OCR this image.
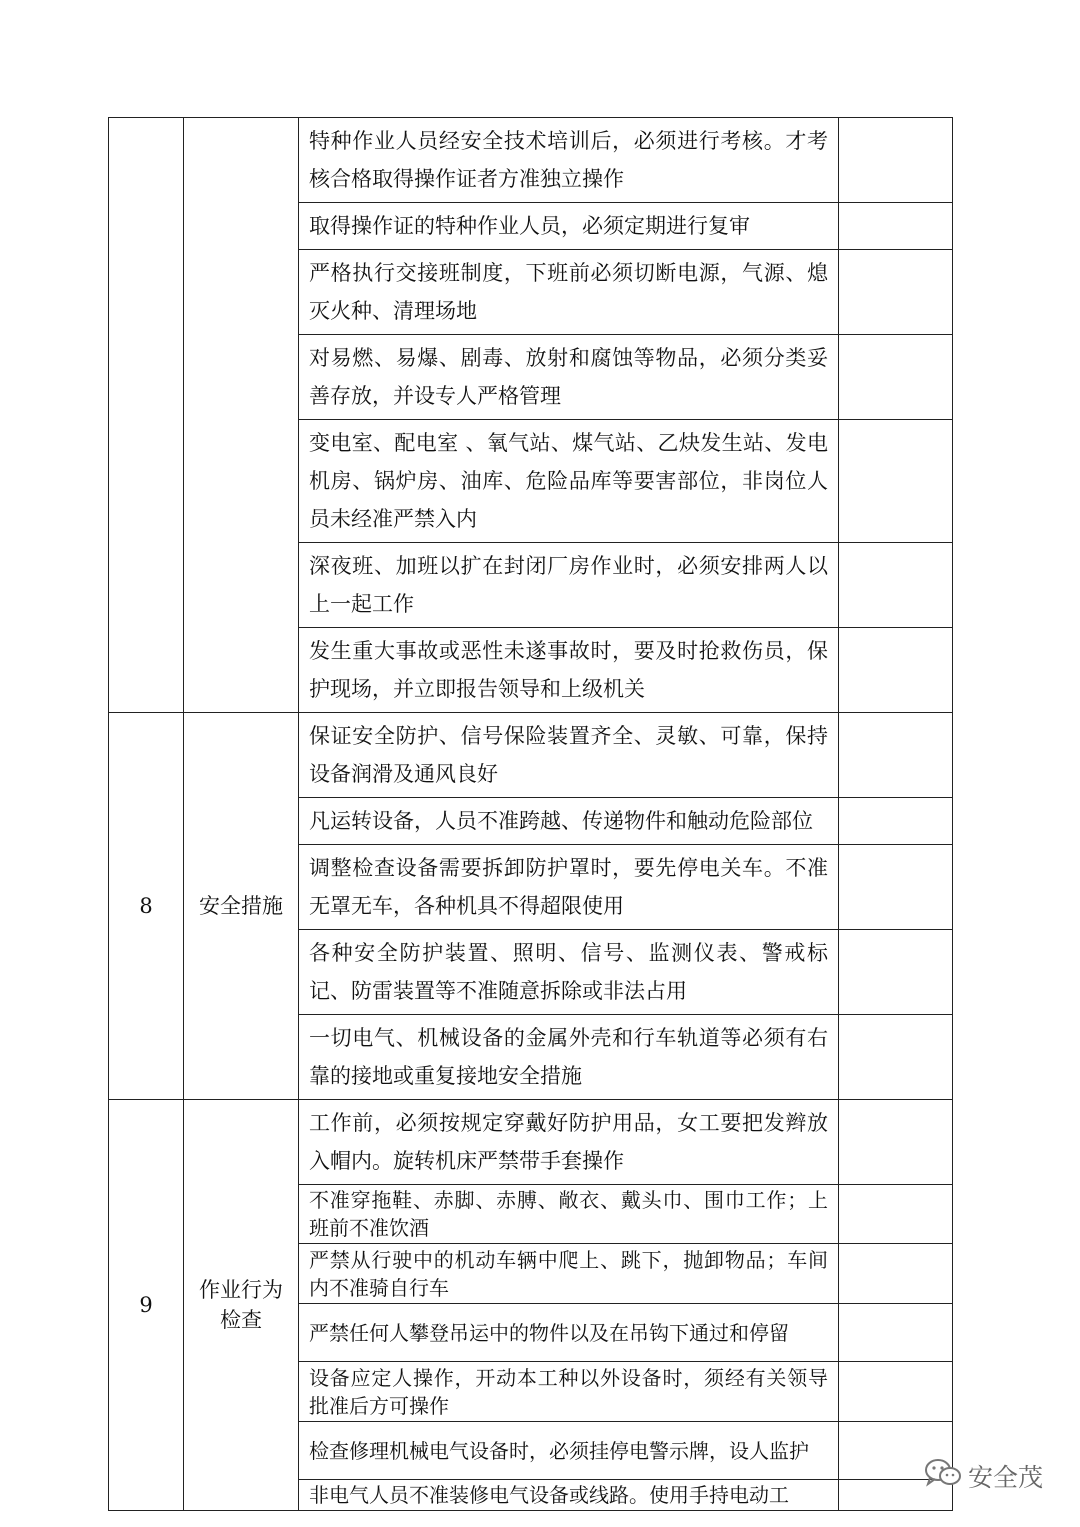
		特种作业人员经安全技术培训后，必须进行考核。才考核合格取得操作证者方准独立操作	
		取得操作证的特种作业人员，必须定期进行复审	
		严格执行交接班制度，下班前必须切断电源，气源、熄灭火种、清理场地	
		对易燃、易爆、剧毒、放射和腐蚀等物品，必须分类妥善存放，并设专人严格管理	
		变电室、配电室 、氧气站、煤气站、乙炔发生站、发电机房、锅炉房、油库、危险品库等要害部位，非岗位人员未经准严禁入内	
		深夜班、加班以扩在封闭厂房作业时，必须安排两人以上一起工作	
		发生重大事故或恶性未遂事故时，要及时抢救伤员，保护现场，并立即报告领导和上级机关	
8	安全措施	保证安全防护、信号保险装置齐全、灵敏、可靠，保持设备润滑及通风良好	
		凡运转设备，人员不准跨越、传递物件和触动危险部位	
		调整检查设备需要拆卸防护罩时，要先停电关车。不准无罩无车，各种机具不得超限使用	
		各种安全防护装置、照明、信号、监测仪表、警戒标记、防雷装置等不准随意拆除或非法占用	
		一切电气、机械设备的金属外壳和行车轨道等必须有右靠的接地或重复接地安全措施	
9	作业行为检查	工作前，必须按规定穿戴好防护用品，女工要把发辫放入帽内。旋转机床严禁带手套操作	
		不准穿拖鞋、赤脚、赤膊、敞衣、戴头巾、围巾工作；上班前不准饮酒	
		严禁从行驶中的机动车辆中爬上、跳下，抛卸物品；车间内不准骑自行车	
		严禁任何人攀登吊运中的物件以及在吊钩下通过和停留	
		设备应定人操作，开动本工种以外设备时，须经有关领导批准后方可操作	
		检查修理机械电气设备时，必须挂停电警示牌，设人监护	
		非电气人员不准装修电气设备或线路。使用手持电动工	
安全茂
